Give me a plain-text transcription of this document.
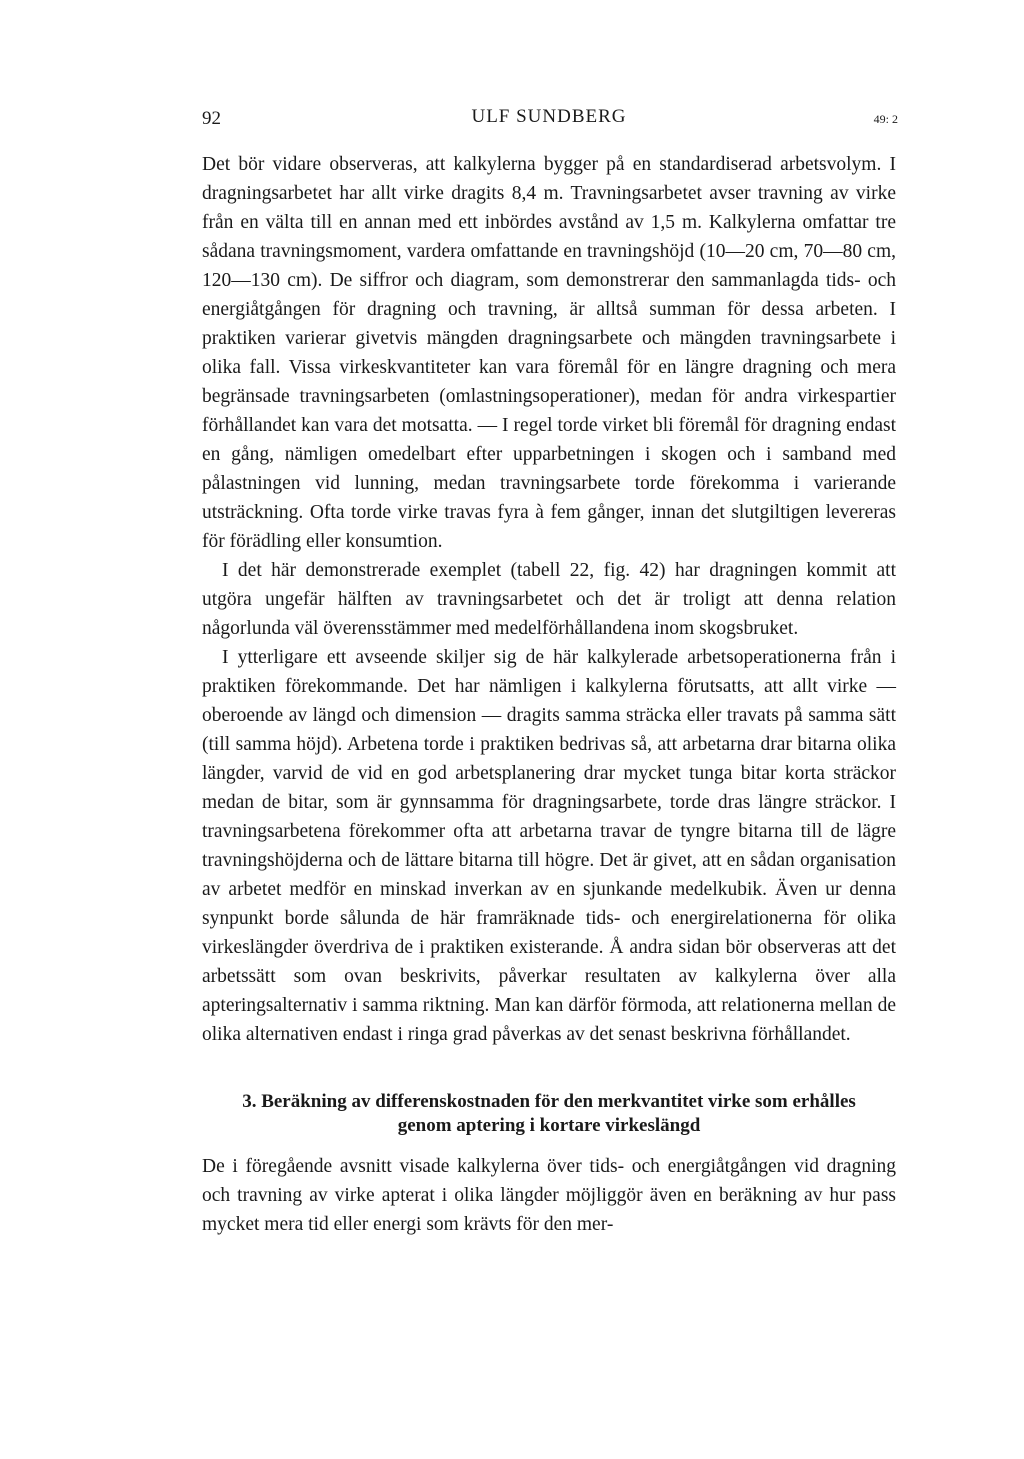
92	ULF SUNDBERG	49: 2

Det bör vidare observeras, att kalkylerna bygger på en standardiserad arbetsvolym. I dragningsarbetet har allt virke dragits 8,4 m. Travningsarbetet avser travning av virke från en välta till en annan med ett inbördes avstånd av 1,5 m. Kalkylerna omfattar tre sådana travningsmoment, vardera omfattande en travningshöjd (10—20 cm, 70—80 cm, 120—130 cm). De siffror och diagram, som demonstrerar den sammanlagda tids- och energiåtgången för dragning och travning, är alltså summan för dessa arbeten. I praktiken varierar givetvis mängden dragningsarbete och mängden travningsarbete i olika fall. Vissa virkeskvantiteter kan vara föremål för en längre dragning och mera begränsade travningsarbeten (omlastningsoperationer), medan för andra virkespartier förhållandet kan vara det motsatta. — I regel torde virket bli föremål för dragning endast en gång, nämligen omedelbart efter upparbetningen i skogen och i samband med pålastningen vid lunning, medan travningsarbete torde förekomma i varierande utsträckning. Ofta torde virke travas fyra à fem gånger, innan det slutgiltigen levereras för förädling eller konsumtion.

I det här demonstrerade exemplet (tabell 22, fig. 42) har dragningen kommit att utgöra ungefär hälften av travningsarbetet och det är troligt att denna relation någorlunda väl överensstämmer med medelförhållandena inom skogsbruket.

I ytterligare ett avseende skiljer sig de här kalkylerade arbetsoperationerna från i praktiken förekommande. Det har nämligen i kalkylerna förutsatts, att allt virke — oberoende av längd och dimension — dragits samma sträcka eller travats på samma sätt (till samma höjd). Arbetena torde i praktiken bedrivas så, att arbetarna drar bitarna olika längder, varvid de vid en god arbetsplanering drar mycket tunga bitar korta sträckor medan de bitar, som är gynnsamma för dragningsarbete, torde dras längre sträckor. I travningsarbetena förekommer ofta att arbetarna travar de tyngre bitarna till de lägre travningshöjderna och de lättare bitarna till högre. Det är givet, att en sådan organisation av arbetet medför en minskad inverkan av en sjunkande medelkubik. Även ur denna synpunkt borde sålunda de här framräknade tids- och energirelationerna för olika virkeslängder överdriva de i praktiken existerande. Å andra sidan bör observeras att det arbetssätt som ovan beskrivits, påverkar resultaten av kalkylerna över alla apteringsalternativ i samma riktning. Man kan därför förmoda, att relationerna mellan de olika alternativen endast i ringa grad påverkas av det senast beskrivna förhållandet.

3. Beräkning av differenskostnaden för den merkvantitet virke som erhålles
genom aptering i kortare virkeslängd

De i föregående avsnitt visade kalkylerna över tids- och energiåtgången vid dragning och travning av virke apterat i olika längder möjliggör även en beräkning av hur pass mycket mera tid eller energi som krävts för den mer-
